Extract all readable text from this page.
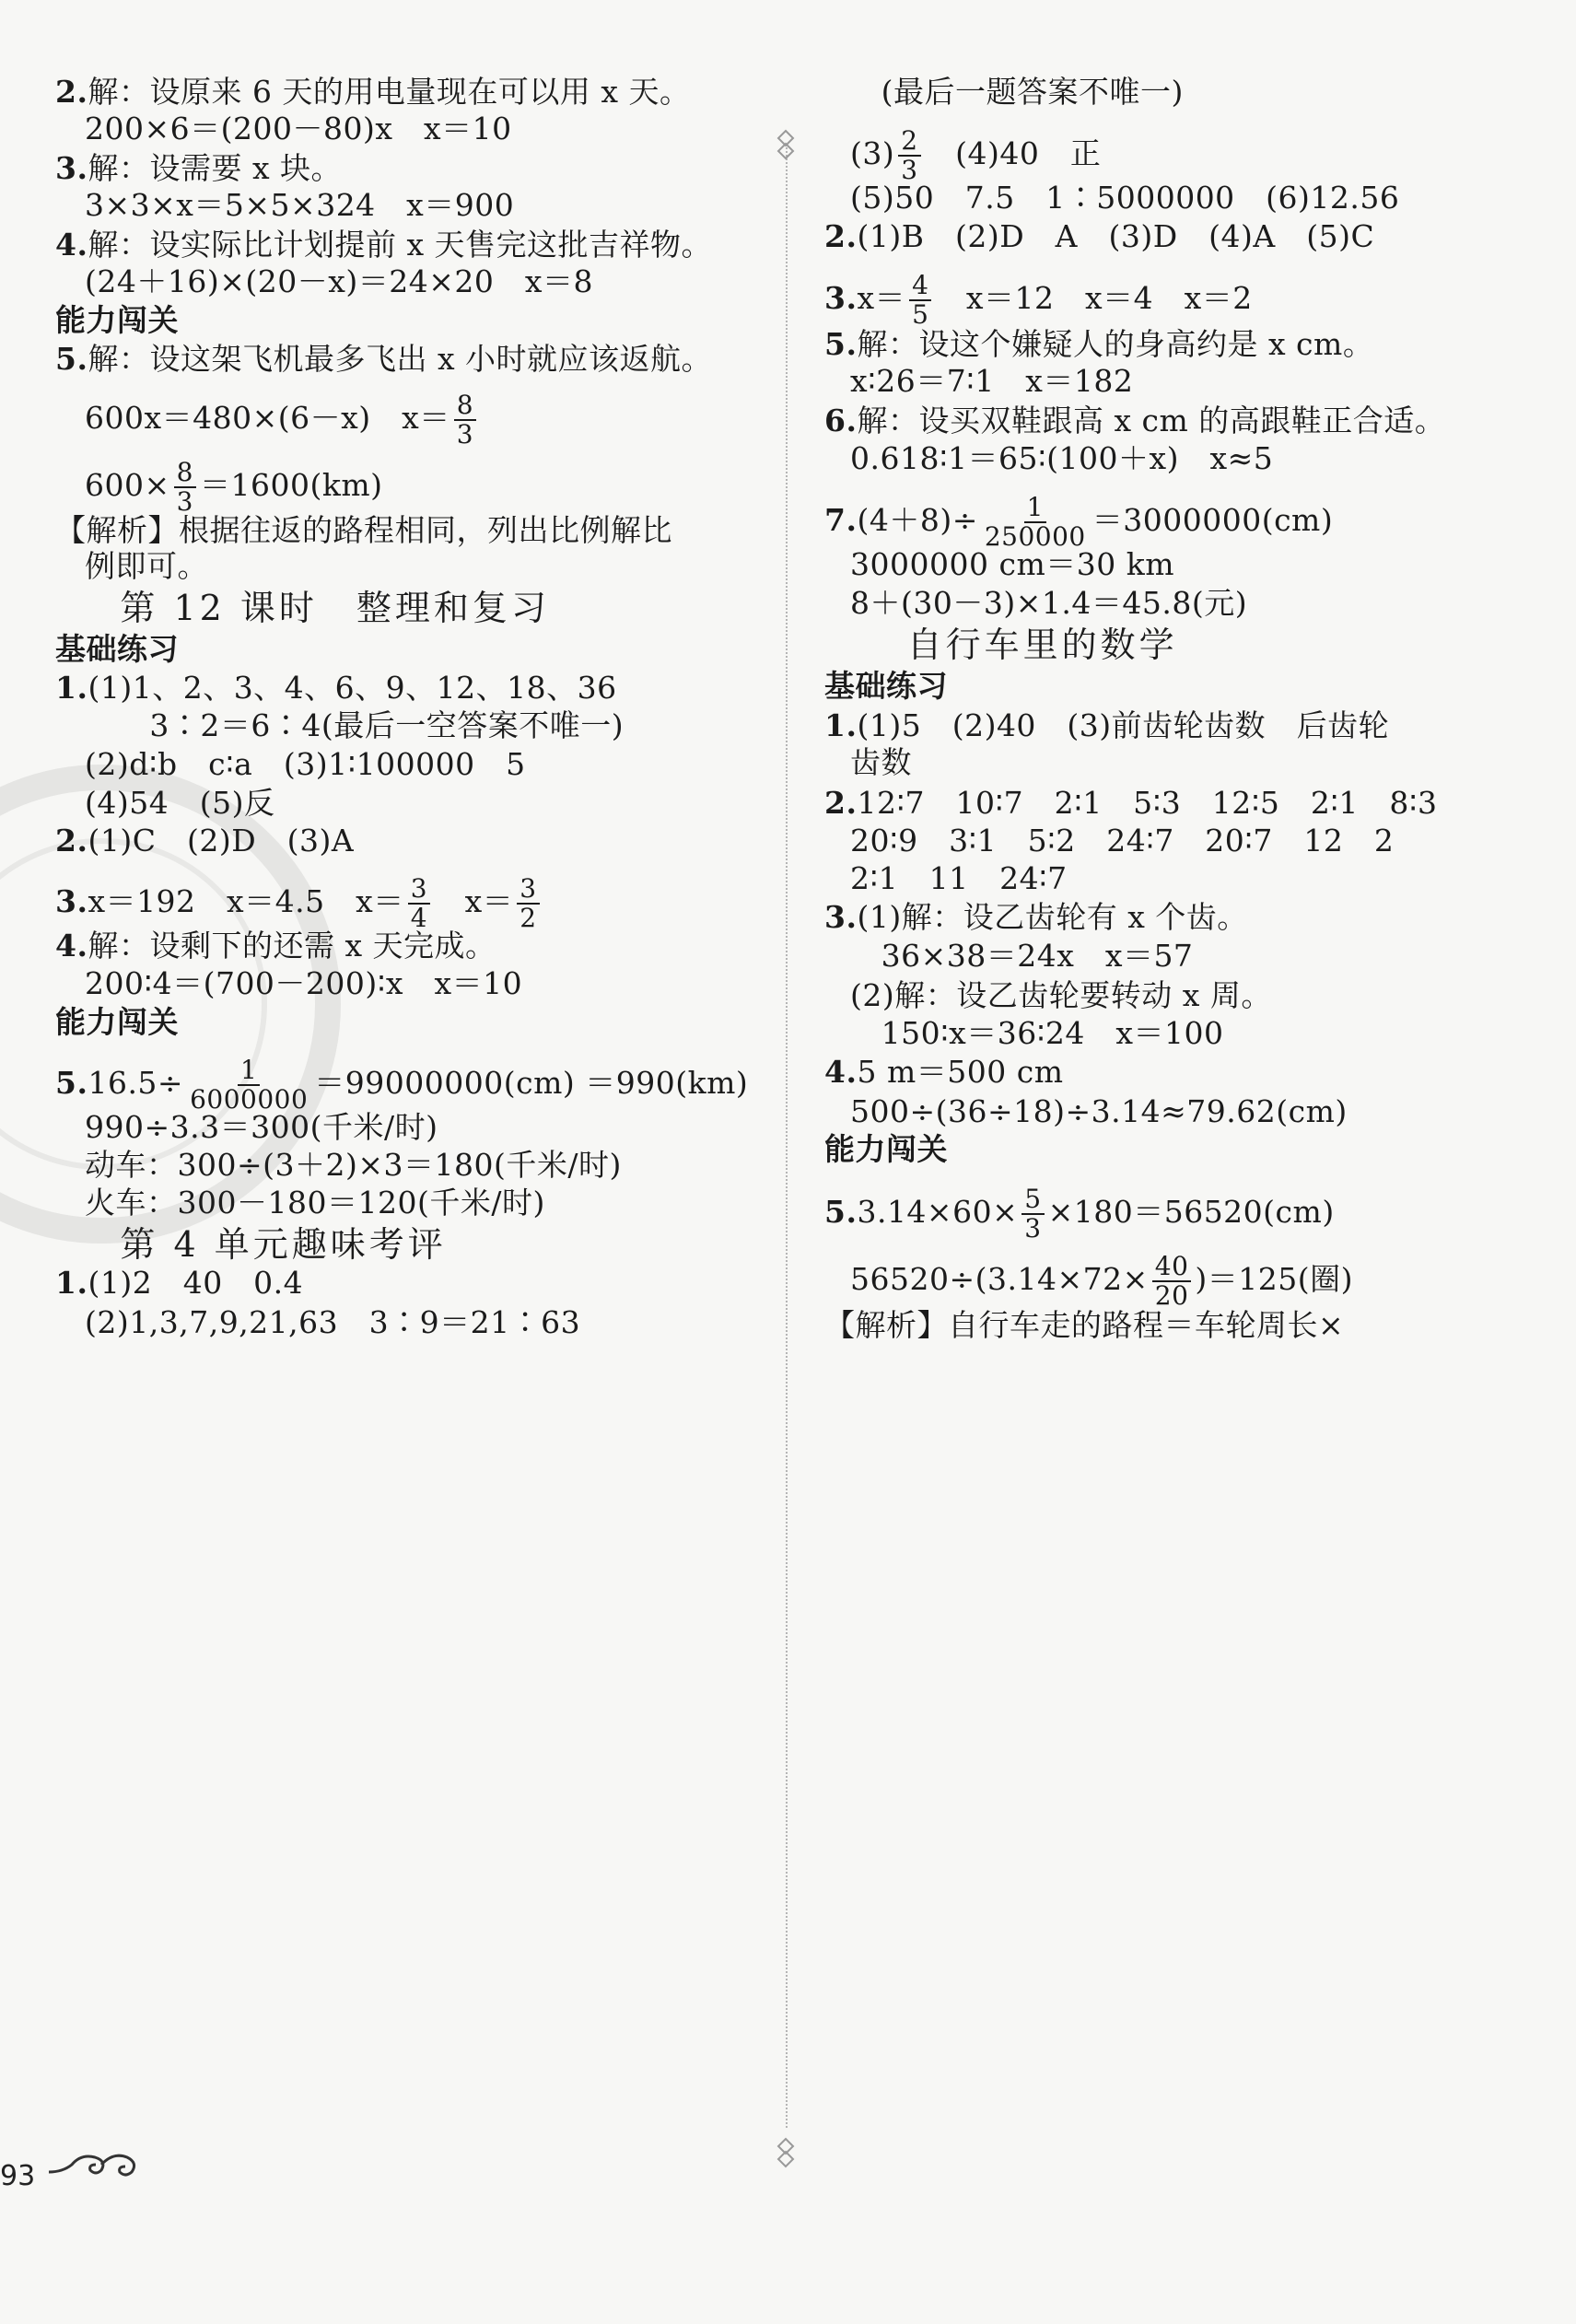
2.解：设原来 6 天的用电量现在可以用 x 天。
200×6＝(200－80)x　x＝10
3.解：设需要 x 块。
3×3×x＝5×5×324　x＝900
4.解：设实际比计划提前 x 天售完这批吉祥物。
(24＋16)×(20－x)＝24×20　x＝8
能力闯关
5.解：设这架飞机最多飞出 x 小时就应该返航。
600x＝480×(6－x)　$x= \frac{8}{3}$
$600\times \frac{8}{3} =1600(km)$
【解析】根据往返的路程相同，列出比例解比
例即可。
第 12 课时　整理和复习
基础练习
1.(1)1、2、3、4、6、9、12、18、36
3∶2＝6∶4(最后一空答案不唯一)
(2)d∶b　c∶a　(3)1∶100000　5
(4)54　(5)反
2.(1)C　(2)D　(3)A
3.x＝192　x＝4.5　$x= \frac{3}{4}$ 　$x= \frac{3}{2}$
4.解：设剩下的还需 x 天完成。
200∶4＝(700－200)∶x　x＝10
能力闯关
$5.16.5\div \frac{1}{6000000} =99000000(cm) =990(km)$
990÷3.3＝300(千米/时)
动车：300÷(3＋2)×3＝180(千米/时)
火车：300－180＝120(千米/时)
第 4 单元趣味考评
1.(1)2　40　0.4
(2)1,3,7,9,21,63　3∶9＝21∶63
(最后一题答案不唯一)
$(3) \frac{2}{3}$ 　(4)40　正
(5)50　7.5　1∶5000000　(6)12.56
2.(1)B　(2)D　A　(3)D　(4)A　(5)C
$3.x= \frac{4}{5}$ 　x＝12　x＝4　x＝2
5.解：设这个嫌疑人的身高约是 x cm。
x∶26＝7∶1　x＝182
6.解：设买双鞋跟高 x cm 的高跟鞋正合适。
0.618∶1＝65∶(100＋x)　x≈5
$7.(4+8)\div \frac{1}{250000} =3000000(cm)$
3000000 cm＝30 km
8＋(30－3)×1.4＝45.8(元)
自行车里的数学
基础练习
1.(1)5　(2)40　(3)前齿轮齿数　后齿轮
齿数
2.12∶7　10∶7　2∶1　5∶3　12∶5　2∶1　8∶3
20∶9　3∶1　5∶2　24∶7　20∶7　12　2
2∶1　11　24∶7
3.(1)解：设乙齿轮有 x 个齿。
36×38＝24x　x＝57
(2)解：设乙齿轮要转动 x 周。
150∶x＝36∶24　x＝100
4.5 m＝500 cm
500÷(36÷18)÷3.14≈79.62(cm)
能力闯关
$5.3.14\times 60\times \frac{5}{3} \times 180=56520(cm)$
$56520\div(3.14\times 72\times \frac{40}{20} )=125$(圈)
【解析】自行车走的路程＝车轮周长×
93
